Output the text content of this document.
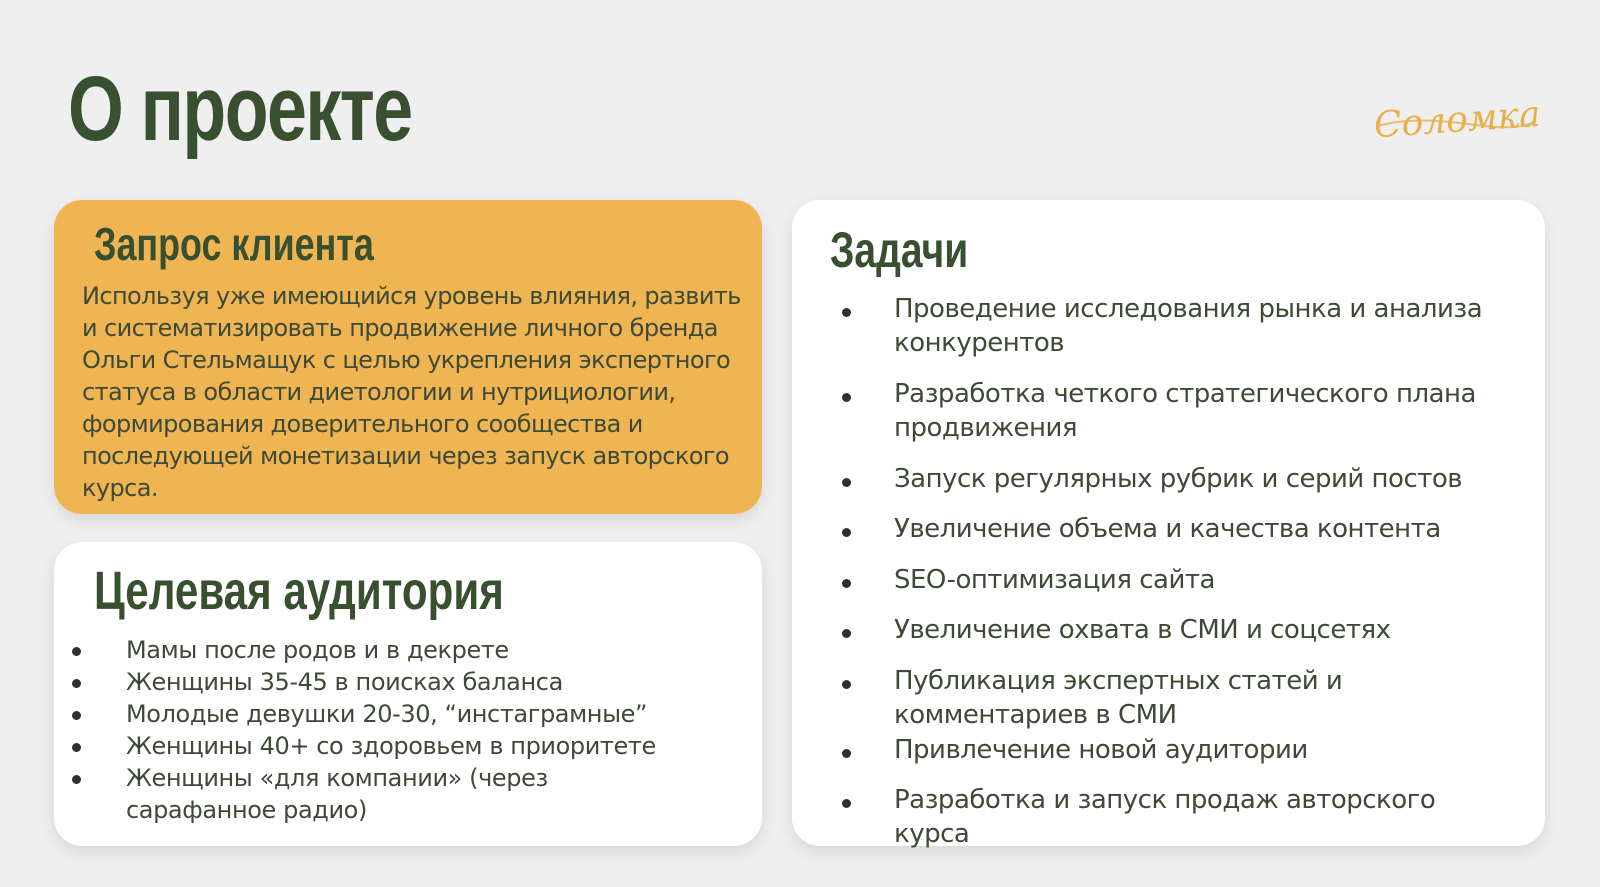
О проекте	Соломка
Запрос клиента

Используя уже имеющийся уровень влияния, развить и систематизировать продвижение личного бренда Ольги Стельмащук с целью укрепления экспертного статуса в области диетологии и нутрициологии, формирования доверительного сообщества и последующей монетизации через запуск авторского курса.

Целевая аудитория
Мамы после родов и в декрете
Женщины 35-45 в поисках баланса
Молодые девушки 20-30, “инстаграмные”
Женщины 40+ со здоровьем в приоритете
Женщины «для компании» (через сарафанное радио)
Задачи
Проведение исследования рынка и анализа конкурентов
Разработка четкого стратегического плана продвижения
Запуск регулярных рубрик и серий постов
Увеличение объема и качества контента
SEO-оптимизация сайта
Увеличение охвата в СМИ и соцсетях
Публикация экспертных статей и комментариев в СМИ
Привлечение новой аудитории
Разработка и запуск продаж авторского курса
